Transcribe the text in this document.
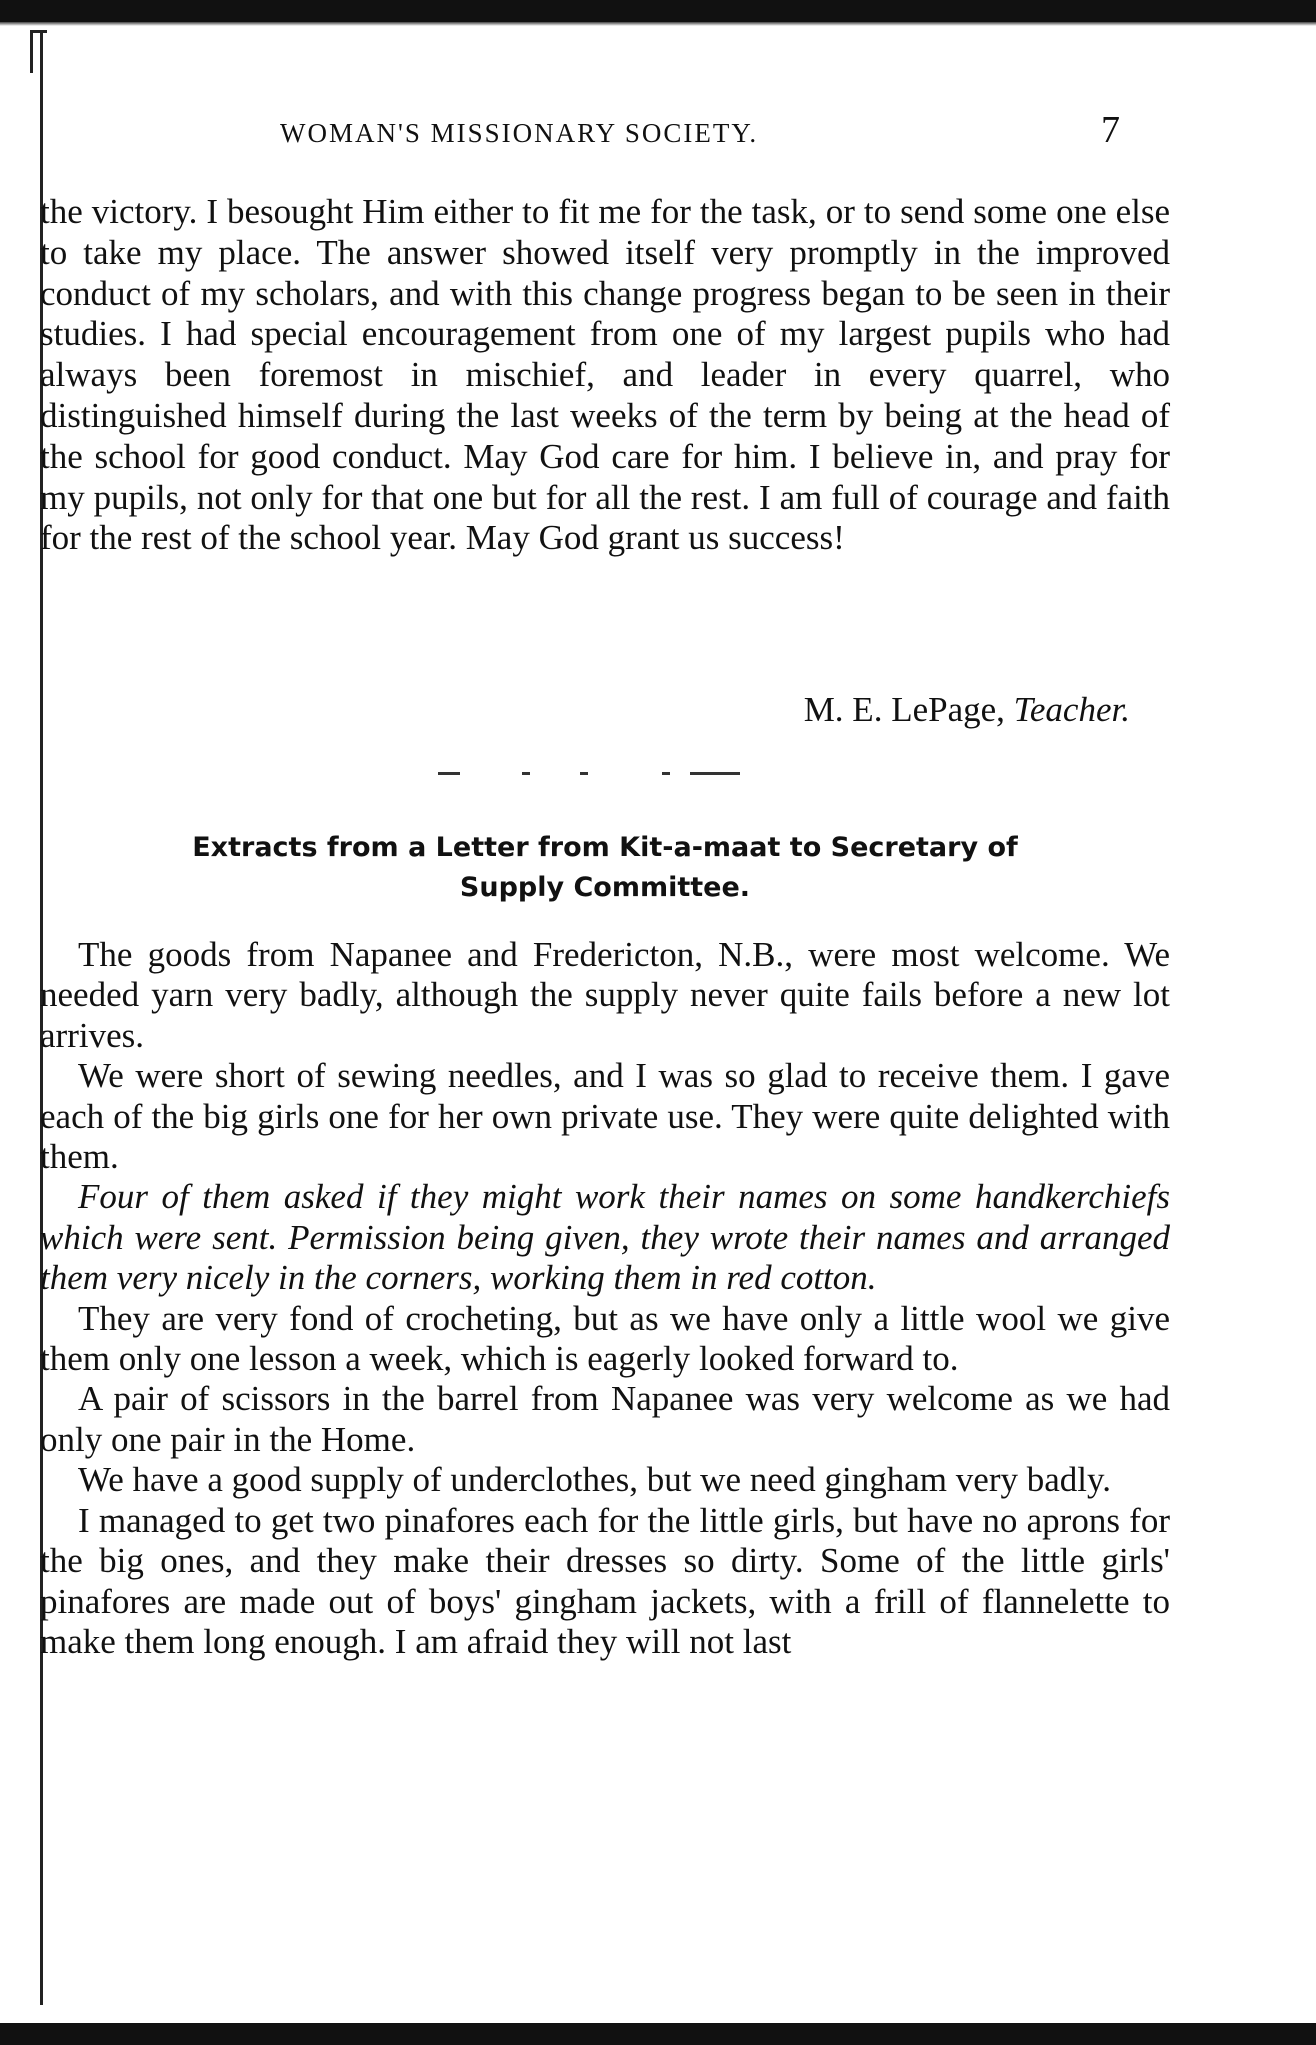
WOMAN'S MISSIONARY SOCIETY.	7

the victory. I besought Him either to fit me for the task, or to send some one else to take my place. The answer showed itself very promptly in the improved conduct of my scholars, and with this change progress began to be seen in their studies. I had special encouragement from one of my largest pupils who had always been foremost in mischief, and leader in every quarrel, who distinguished himself during the last weeks of the term by being at the head of the school for good conduct. May God care for him. I believe in, and pray for my pupils, not only for that one but for all the rest. I am full of courage and faith for the rest of the school year. May God grant us success!

M. E. LePage, Teacher.
Extracts from a Letter from Kit-a-maat to Secretary of
Supply Committee.

The goods from Napanee and Fredericton, N.B., were most welcome. We needed yarn very badly, although the supply never quite fails before a new lot arrives.

We were short of sewing needles, and I was so glad to receive them. I gave each of the big girls one for her own private use. They were quite delighted with them.

Four of them asked if they might work their names on some handkerchiefs which were sent. Permission being given, they wrote their names and arranged them very nicely in the corners, working them in red cotton.

They are very fond of crocheting, but as we have only a little wool we give them only one lesson a week, which is eagerly looked forward to.

A pair of scissors in the barrel from Napanee was very welcome as we had only one pair in the Home.

We have a good supply of underclothes, but we need gingham very badly.

I managed to get two pinafores each for the little girls, but have no aprons for the big ones, and they make their dresses so dirty. Some of the little girls' pinafores are made out of boys' gingham jackets, with a frill of flannelette to make them long enough. I am afraid they will not last
